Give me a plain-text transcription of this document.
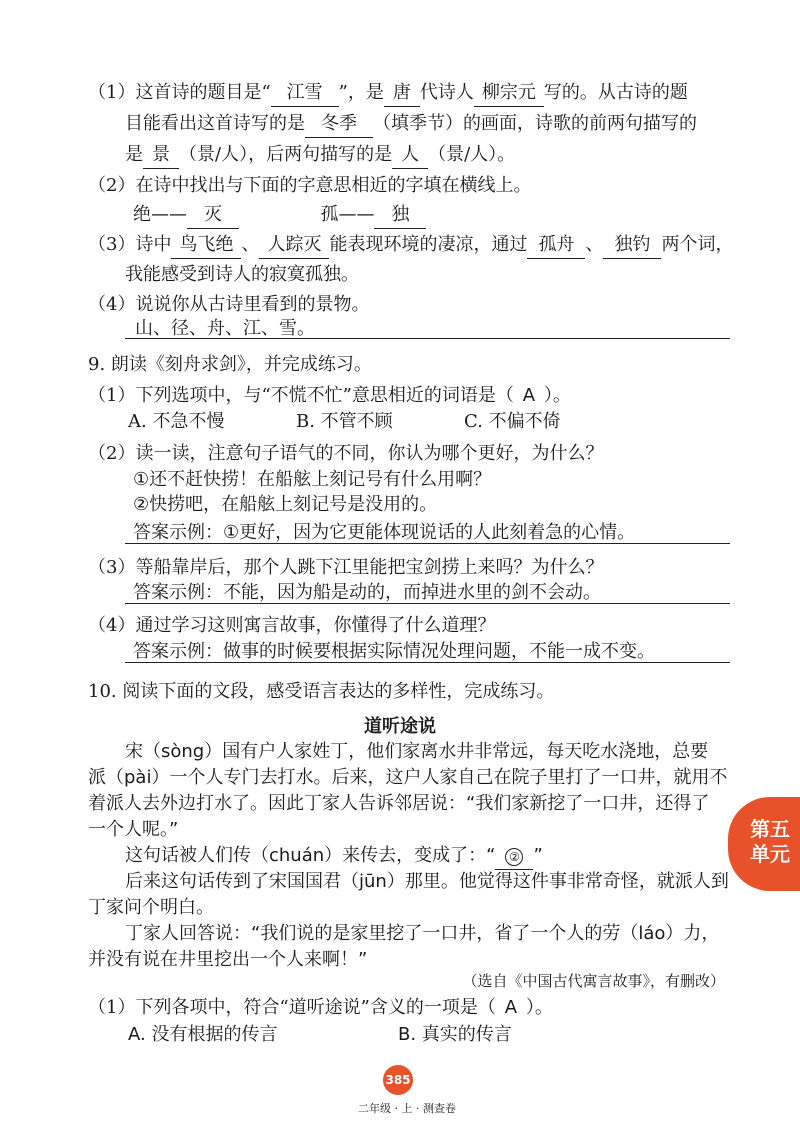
（1）这首诗的题目是“ 江雪 ”，是 唐 代诗人 柳宗元 写的。从古诗的题
目能看出这首诗写的是 冬季 （填季节）的画面，诗歌的前两句描写的
是 景 （景/人），后两句描写的是 人 （景/人）。
（2）在诗中找出与下面的字意思相近的字填在横线上。
绝—— 灭	孤—— 独
（3）诗中 鸟飞绝 、 人踪灭 能表现环境的凄凉，通过 孤舟 、 独钓 两个词，
我能感受到诗人的寂寞孤独。
（4）说说你从古诗里看到的景物。
山、径、舟、江、雪。
9. 朗读《刻舟求剑》，并完成练习。
（1）下列选项中，与“不慌不忙”意思相近的词语是（ A ）。
A. 不急不慢	B. 不管不顾	C. 不偏不倚
（2）读一读，注意句子语气的不同，你认为哪个更好，为什么？
①还不赶快捞！在船舷上刻记号有什么用啊？
②快捞吧，在船舷上刻记号是没用的。
答案示例：①更好，因为它更能体现说话的人此刻着急的心情。
（3）等船靠岸后，那个人跳下江里能把宝剑捞上来吗？为什么？
答案示例：不能，因为船是动的，而掉进水里的剑不会动。
（4）通过学习这则寓言故事，你懂得了什么道理？
答案示例：做事的时候要根据实际情况处理问题，不能一成不变。
10. 阅读下面的文段，感受语言表达的多样性，完成练习。
道听途说
宋（sòng）国有户人家姓丁，他们家离水井非常远，每天吃水浇地，总要
派（pài）一个人专门去打水。后来，这户人家自己在院子里打了一口井，就用不
着派人去外边打水了。因此丁家人告诉邻居说：“我们家新挖了一口井，还得了
一个人呢。”
这句话被人们传（chuán）来传去，变成了：“ ② ”
后来这句话传到了宋国国君（jūn）那里。他觉得这件事非常奇怪，就派人到
丁家问个明白。
丁家人回答说：“我们说的是家里挖了一口井，省了一个人的劳（láo）力，
并没有说在井里挖出一个人来啊！”
（选自《中国古代寓言故事》，有删改）
（1）下列各项中，符合“道听途说”含义的一项是（ A ）。
A. 没有根据的传言	B. 真实的传言
第五
单元
385
二年级 · 上 · 测查卷
